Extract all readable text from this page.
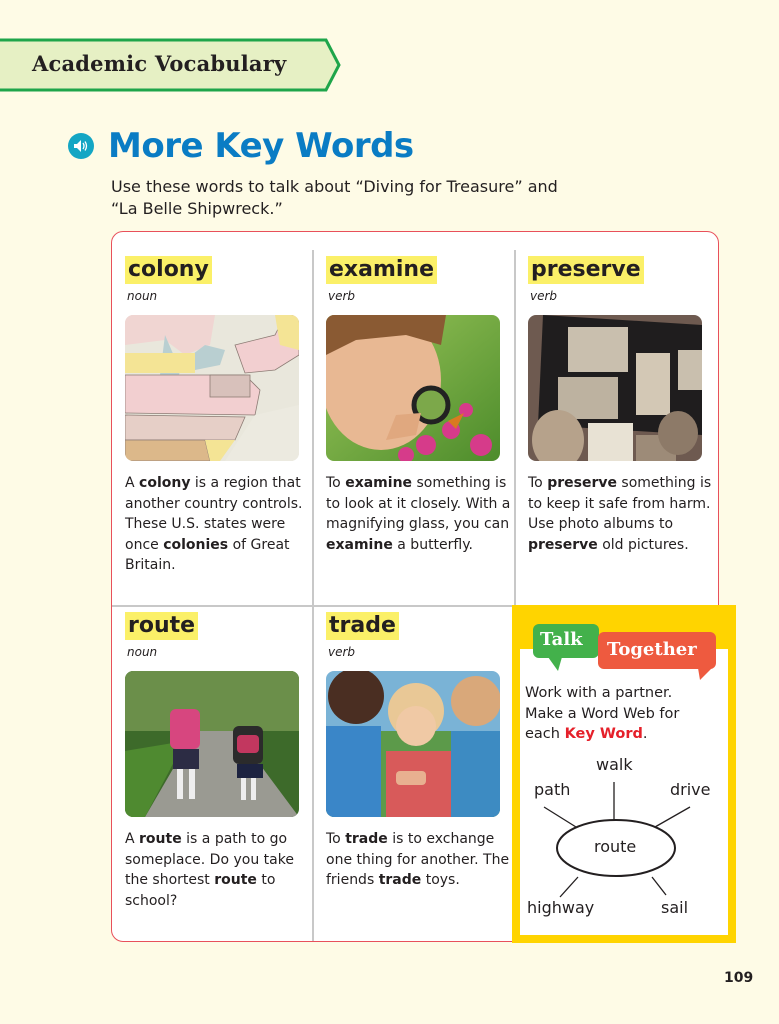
Academic Vocabulary
More Key Words
Use these words to talk about “Diving for Treasure” and
“La Belle Shipwreck.”
colony
noun
A colony is a region that another country controls. These U.S. states were once colonies of Great Britain.
examine
verb
To examine something is to look at it closely. With a magnifying glass, you can examine a butterfly.
preserve
verb
To preserve something is to keep it safe from harm. Use photo albums to preserve old pictures.
route
noun
A route is a path to go someplace. Do you take the shortest route to school?
trade
verb
To trade is to exchange one thing for another. The friends trade toys.
Talk	Together
Work with a partner.
Make a Word Web for
each Key Word.
walk
path	drive
route
highway	sail
109
